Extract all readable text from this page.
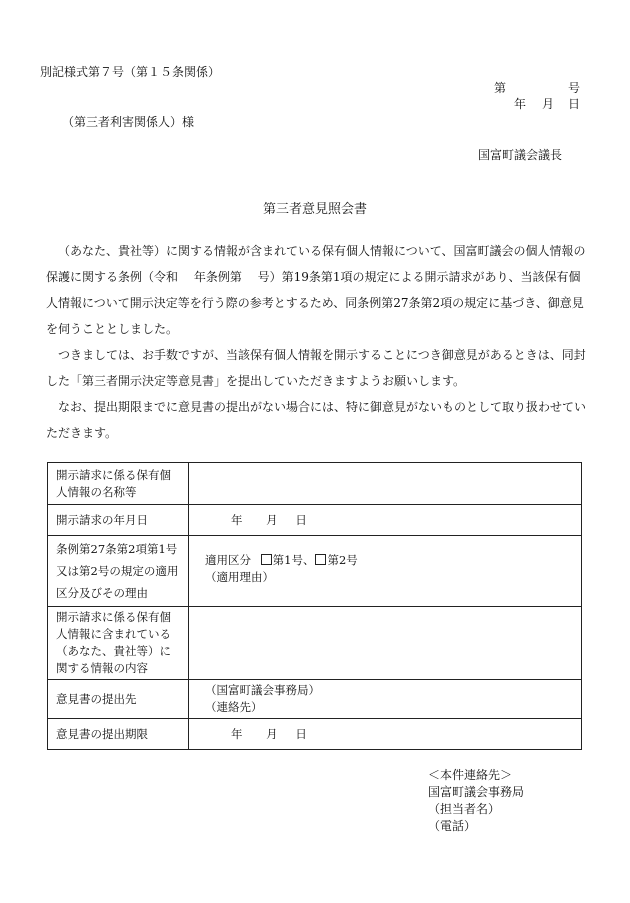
別記様式第７号（第１５条関係）
第	号
年 月 日
（第三者利害関係人）様
国富町議会議長
第三者意見照会書

（あなた、貴社等）に関する情報が含まれている保有個人情報について、国富町議会の個人情報の保護に関する条例（令和　 年条例第　 号）第19条第1項の規定による開示請求があり、当該保有個人情報について開示決定等を行う際の参考とするため、同条例第27条第2項の規定に基づき、御意見を伺うこととしました。

つきましては、お手数ですが、当該保有個人情報を開示することにつき御意見があるときは、同封した「第三者開示決定等意見書」を提出していただきますようお願いします。

なお、提出期限までに意見書の提出がない場合には、特に御意見がないものとして取り扱わせていただきます。

開示請求に係る保有個人情報の名称等	
開示請求の年月日	年 月 日
条例第27条第2項第1号又は第2号の規定の適用区分及びその理由	適用区分 第1号、 第2号
（適用理由）

開示請求に係る保有個人情報に含まれている（あなた、貴社等）に関する情報の内容	
意見書の提出先	（国富町議会事務局）
（連絡先）

意見書の提出期限	年 月 日
＜本件連絡先＞
国富町議会事務局
（担当者名）
（電話）
